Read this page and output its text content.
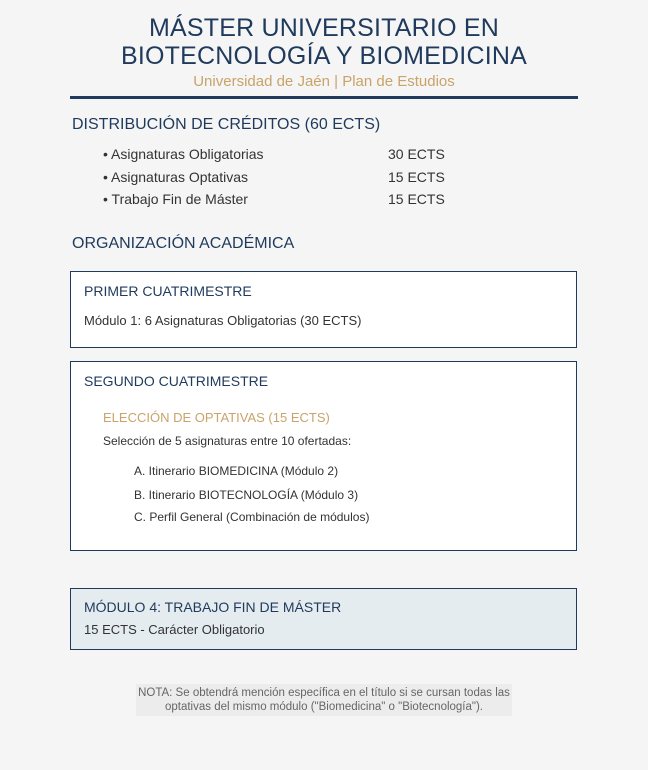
MÁSTER UNIVERSITARIO EN
BIOTECNOLOGÍA Y BIOMEDICINA
Universidad de Jaén | Plan de Estudios
DISTRIBUCIÓN DE CRÉDITOS (60 ECTS)
• Asignaturas Obligatorias	30 ECTS
• Asignaturas Optativas	15 ECTS
• Trabajo Fin de Máster	15 ECTS
ORGANIZACIÓN ACADÉMICA
PRIMER CUATRIMESTRE
Módulo 1: 6 Asignaturas Obligatorias (30 ECTS)
SEGUNDO CUATRIMESTRE
ELECCIÓN DE OPTATIVAS (15 ECTS)
Selección de 5 asignaturas entre 10 ofertadas:
A. Itinerario BIOMEDICINA (Módulo 2)
B. Itinerario BIOTECNOLOGÍA (Módulo 3)
C. Perfil General (Combinación de módulos)
MÓDULO 4: TRABAJO FIN DE MÁSTER
15 ECTS - Carácter Obligatorio
NOTA: Se obtendrá mención específica en el título si se cursan todas las
optativas del mismo módulo ("Biomedicina" o "Biotecnología").
